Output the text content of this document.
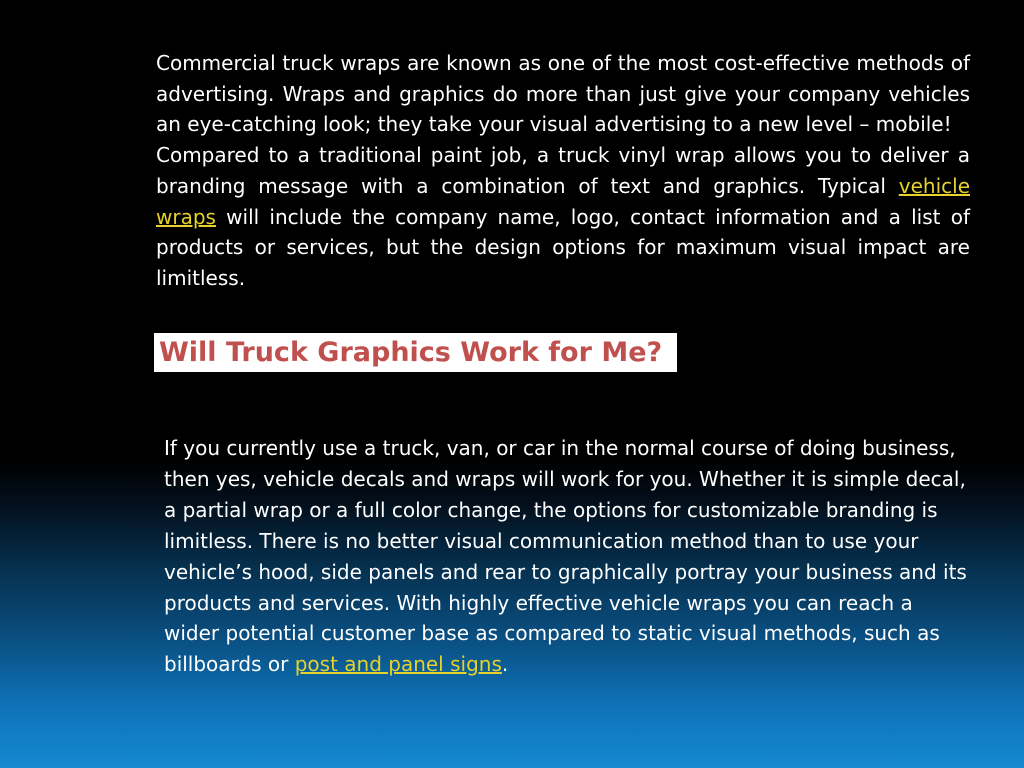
Commercial truck wraps are known as one of the most cost-effective methods of advertising. Wraps and graphics do more than just give your company vehicles an eye-catching look; they take your visual advertising to a new level – mobile!

Compared to a traditional paint job, a truck vinyl wrap allows you to deliver a branding message with a combination of text and graphics. Typical vehicle wraps will include the company name, logo, contact information and a list of products or services, but the design options for maximum visual impact are limitless.

Will Truck Graphics Work for Me?

If you currently use a truck, van, or car in the normal course of doing business, then yes, vehicle decals and wraps will work for you. Whether it is simple decal, a partial wrap or a full color change, the options for customizable branding is limitless. There is no better visual communication method than to use your vehicle’s hood, side panels and rear to graphically portray your business and its products and services. With highly effective vehicle wraps you can reach a wider potential customer base as compared to static visual methods, such as billboards or post and panel signs.
